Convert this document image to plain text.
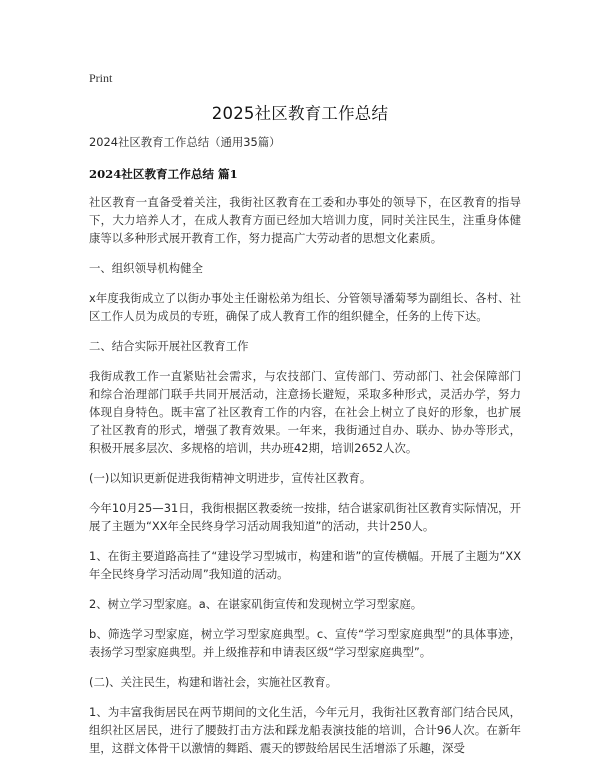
Print
2025社区教育工作总结

2024社区教育工作总结（通用35篇）

2024社区教育工作总结 篇1

社区教育一直备受着关注，我街社区教育在工委和办事处的领导下，在区教育的指导下，大力培养人才，在成人教育方面已经加大培训力度，同时关注民生，注重身体健康等以多种形式展开教育工作，努力提高广大劳动者的思想文化素质。

一、组织领导机构健全

x年度我街成立了以街办事处主任谢松弟为组长、分管领导潘菊琴为副组长、各村、社区工作人员为成员的专班，确保了成人教育工作的组织健全，任务的上传下达。

二、结合实际开展社区教育工作

我街成教工作一直紧贴社会需求，与农技部门、宣传部门、劳动部门、社会保障部门和综合治理部门联手共同开展活动，注意扬长避短，采取多种形式，灵活办学，努力体现自身特色。既丰富了社区教育工作的内容，在社会上树立了良好的形象，也扩展了社区教育的形式，增强了教育效果。一年来，我街通过自办、联办、协办等形式，积极开展多层次、多规格的培训，共办班42期，培训2652人次。

(一)以知识更新促进我街精神文明进步，宣传社区教育。

今年10月25—31日，我街根据区教委统一按排，结合谌家矶街社区教育实际情况，开展了主题为“XX年全民终身学习活动周我知道”的活动，共计250人。

1、在街主要道路高挂了“建设学习型城市，构建和谐”的宣传横幅。开展了主题为“XX年全民终身学习活动周”我知道的活动。

2、树立学习型家庭。a、在谌家矶街宣传和发现树立学习型家庭。

b、筛选学习型家庭，树立学习型家庭典型。c、宣传“学习型家庭典型”的具体事迹，表扬学习型家庭典型。并上级推荐和申请表区级“学习型家庭典型”。

(二)、关注民生，构建和谐社会，实施社区教育。

1、为丰富我街居民在两节期间的文化生活，今年元月，我街社区教育部门结合民风，组织社区居民，进行了腰鼓打击方法和踩龙船表演技能的培训，合计96人次。在新年里，这群文体骨干以激情的舞蹈、震天的锣鼓给居民生活增添了乐趣，深受
